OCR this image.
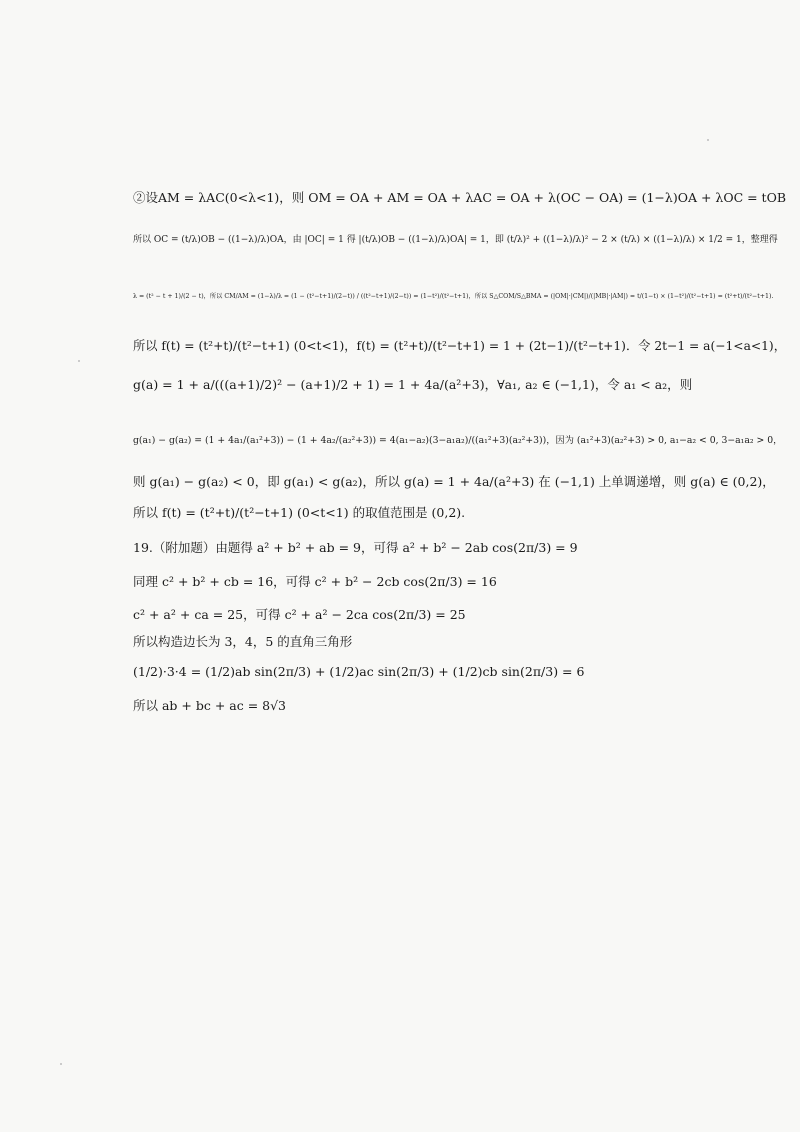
②设AM = λAC(0<λ<1)，则 OM = OA + AM = OA + λAC = OA + λ(OC − OA) = (1−λ)OA + λOC = tOB
所以 OC = (t/λ)OB − ((1−λ)/λ)OA，由 |OC| = 1 得 |(t/λ)OB − ((1−λ)/λ)OA| = 1，即 (t/λ)² + ((1−λ)/λ)² − 2 × (t/λ) × ((1−λ)/λ) × 1/2 = 1，整理得
λ = (t² − t + 1)/(2 − t)，所以 CM/AM = (1−λ)/λ = (1 − (t²−t+1)/(2−t)) / ((t²−t+1)/(2−t)) = (1−t²)/(t²−t+1)，所以 S△COM/S△BMA = (|OM|·|CM|)/(|MB|·|AM|) = t/(1−t) × (1−t²)/(t²−t+1) = (t²+t)/(t²−t+1).
所以 f(t) = (t²+t)/(t²−t+1) (0<t<1)，f(t) = (t²+t)/(t²−t+1) = 1 + (2t−1)/(t²−t+1)．令 2t−1 = a(−1<a<1)，
g(a) = 1 + a/(((a+1)/2)² − (a+1)/2 + 1) = 1 + 4a/(a²+3)，∀a₁, a₂ ∈ (−1,1)，令 a₁ < a₂，则
g(a₁) − g(a₂) = (1 + 4a₁/(a₁²+3)) − (1 + 4a₂/(a₂²+3)) = 4(a₁−a₂)(3−a₁a₂)/((a₁²+3)(a₂²+3))，因为 (a₁²+3)(a₂²+3) > 0, a₁−a₂ < 0, 3−a₁a₂ > 0，
则 g(a₁) − g(a₂) < 0，即 g(a₁) < g(a₂)，所以 g(a) = 1 + 4a/(a²+3) 在 (−1,1) 上单调递增，则 g(a) ∈ (0,2)，
所以 f(t) = (t²+t)/(t²−t+1) (0<t<1) 的取值范围是 (0,2).
19.（附加题）由题得 a² + b² + ab = 9，可得 a² + b² − 2ab cos(2π/3) = 9
同理 c² + b² + cb = 16，可得 c² + b² − 2cb cos(2π/3) = 16
c² + a² + ca = 25，可得 c² + a² − 2ca cos(2π/3) = 25
所以构造边长为 3，4，5 的直角三角形
(1/2)·3·4 = (1/2)ab sin(2π/3) + (1/2)ac sin(2π/3) + (1/2)cb sin(2π/3) = 6
所以 ab + bc + ac = 8√3
